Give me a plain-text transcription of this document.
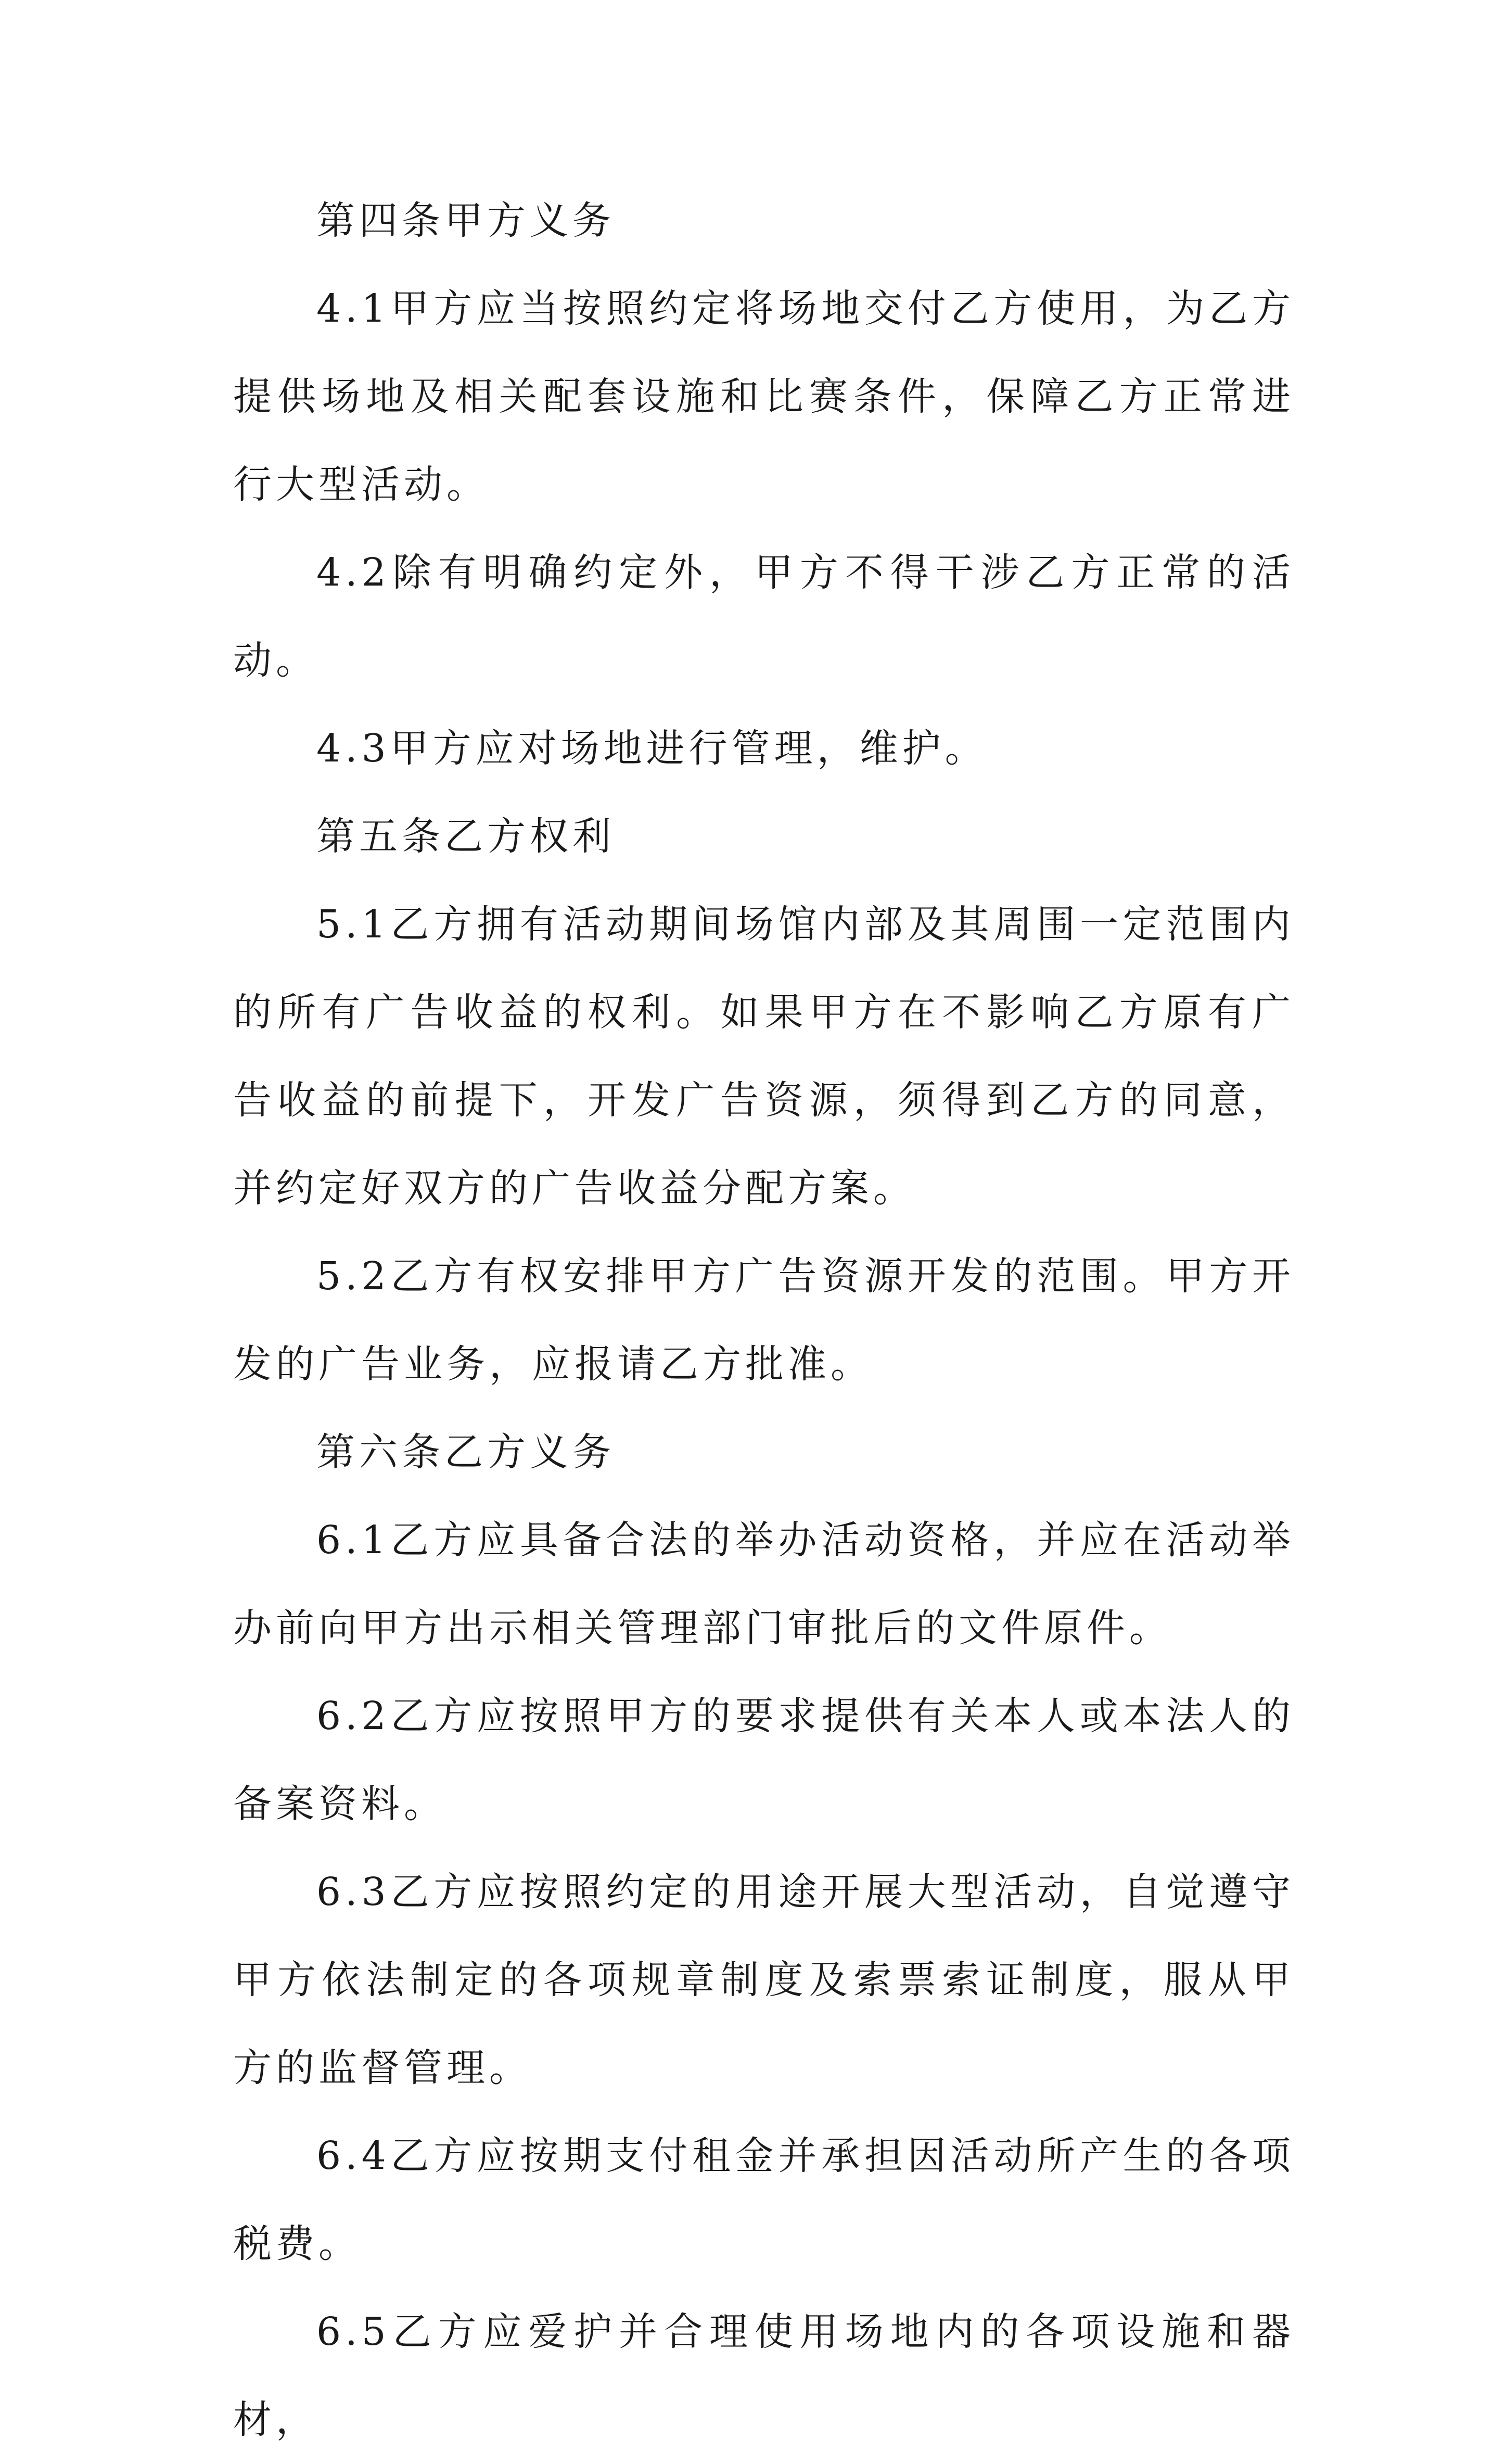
第四条甲方义务

4.1甲方应当按照约定将场地交付乙方使用，为乙方提供场地及相关配套设施和比赛条件，保障乙方正常进行大型活动。

4.2除有明确约定外，甲方不得干涉乙方正常的活动。

4.3甲方应对场地进行管理，维护。

第五条乙方权利

5.1乙方拥有活动期间场馆内部及其周围一定范围内的所有广告收益的权利。如果甲方在不影响乙方原有广告收益的前提下，开发广告资源，须得到乙方的同意，并约定好双方的广告收益分配方案。

5.2乙方有权安排甲方广告资源开发的范围。甲方开发的广告业务，应报请乙方批准。

第六条乙方义务

6.1乙方应具备合法的举办活动资格，并应在活动举办前向甲方出示相关管理部门审批后的文件原件。

6.2乙方应按照甲方的要求提供有关本人或本法人的备案资料。

6.3乙方应按照约定的用途开展大型活动，自觉遵守甲方依法制定的各项规章制度及索票索证制度，服从甲方的监督管理。

6.4乙方应按期支付租金并承担因活动所产生的各项税费。

6.5乙方应爱护并合理使用场地内的各项设施和器材，
